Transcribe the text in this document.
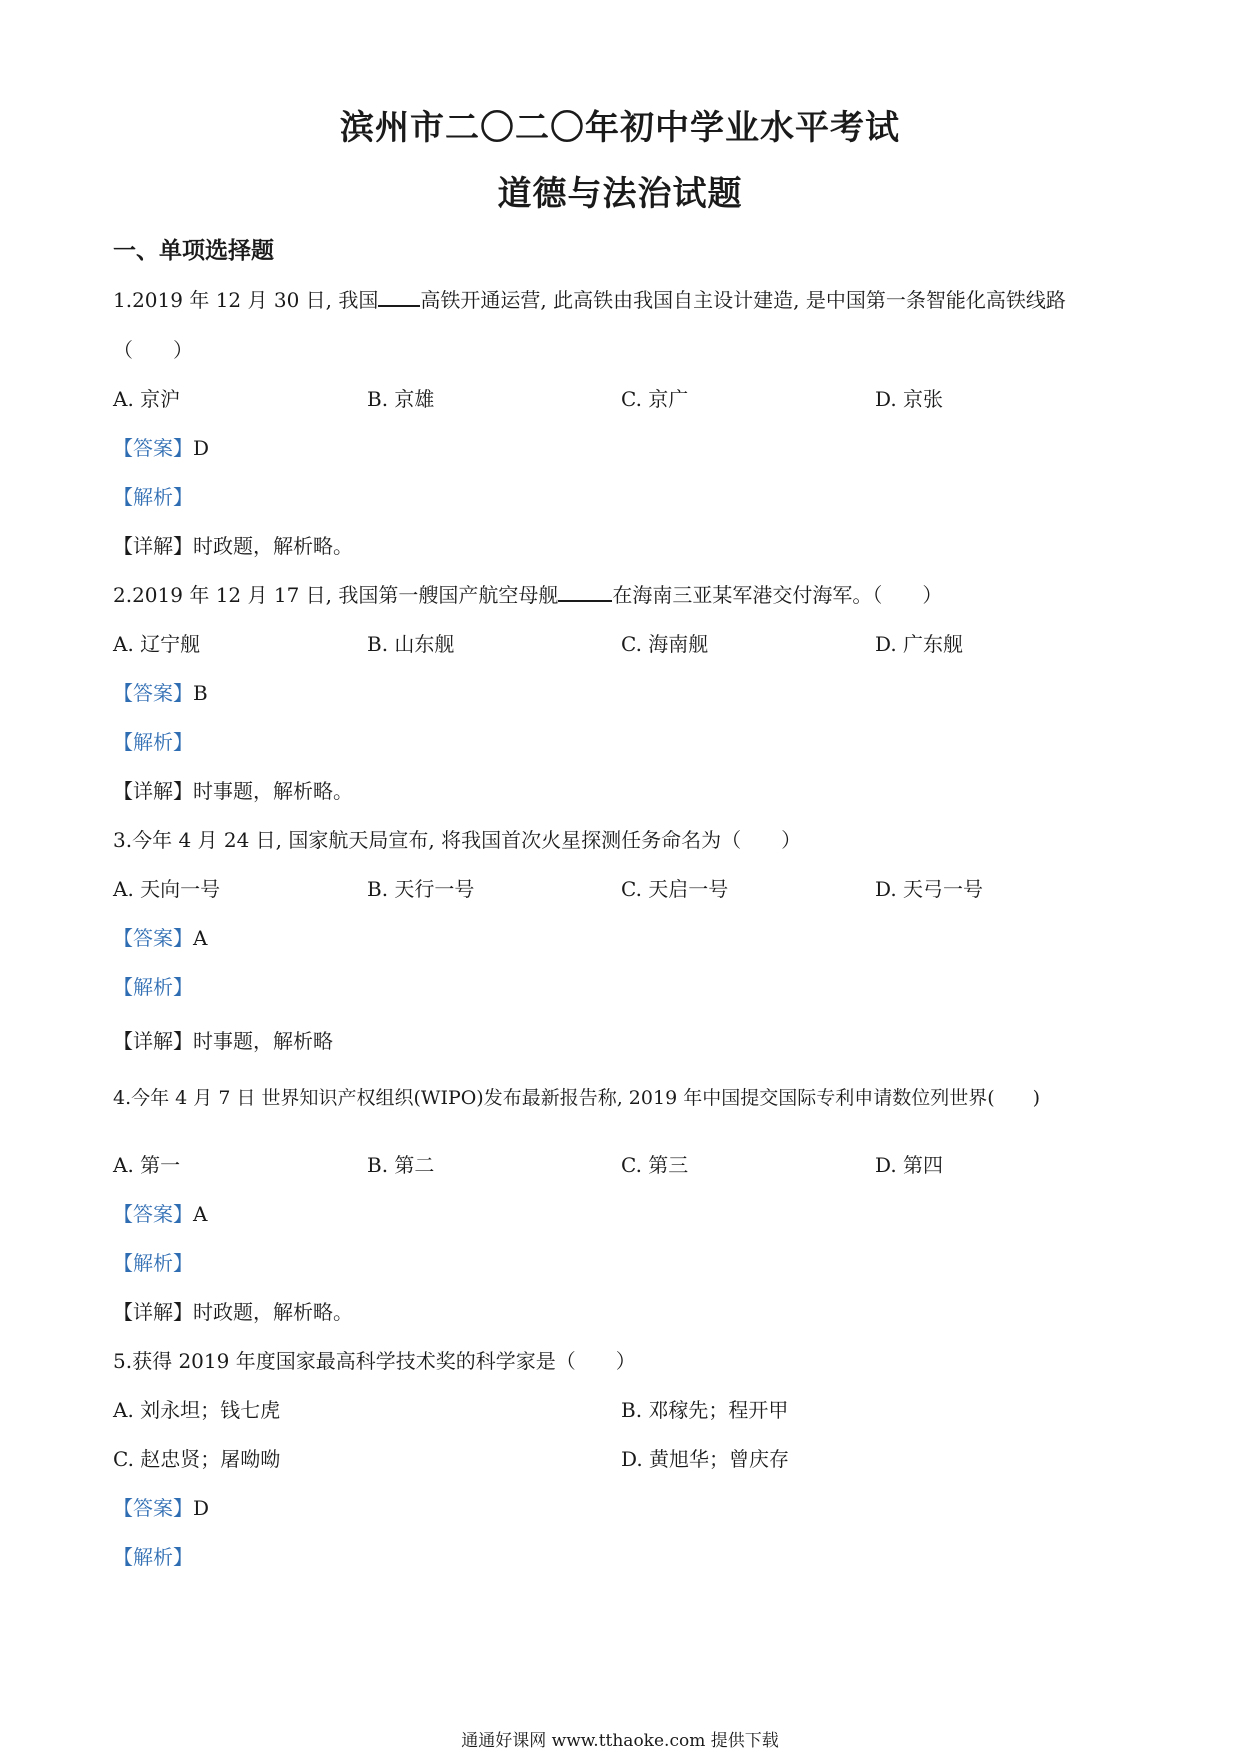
滨州市二〇二〇年初中学业水平考试
道德与法治试题
一、单项选择题
1.2019 年 12 月 30 日, 我国 高铁开通运营, 此高铁由我国自主设计建造, 是中国第一条智能化高铁线路
（　　）
A. 京沪	B. 京雄	C. 京广	D. 京张
【答案】D
【解析】
【详解】时政题，解析略。
2.2019 年 12 月 17 日, 我国第一艘国产航空母舰	在海南三亚某军港交付海军。（　　）
A. 辽宁舰	B. 山东舰	C. 海南舰	D. 广东舰
【答案】B
【解析】
【详解】时事题，解析略。
3.今年 4 月 24 日, 国家航天局宣布, 将我国首次火星探测任务命名为（　　）
A. 天向一号	B. 天行一号	C. 天启一号	D. 天弓一号
【答案】A
【解析】
【详解】时事题，解析略
4.今年 4 月 7 日 世界知识产权组织(WIPO)发布最新报告称, 2019 年中国提交国际专利申请数位列世界(　　)
A. 第一	B. 第二	C. 第三	D. 第四
【答案】A
【解析】
【详解】时政题，解析略。
5.获得 2019 年度国家最高科学技术奖的科学家是（　　）
A. 刘永坦；钱七虎	B. 邓稼先；程开甲
C. 赵忠贤；屠呦呦	D. 黄旭华；曾庆存
【答案】D
【解析】
通通好课网 www.tthaoke.com 提供下载
